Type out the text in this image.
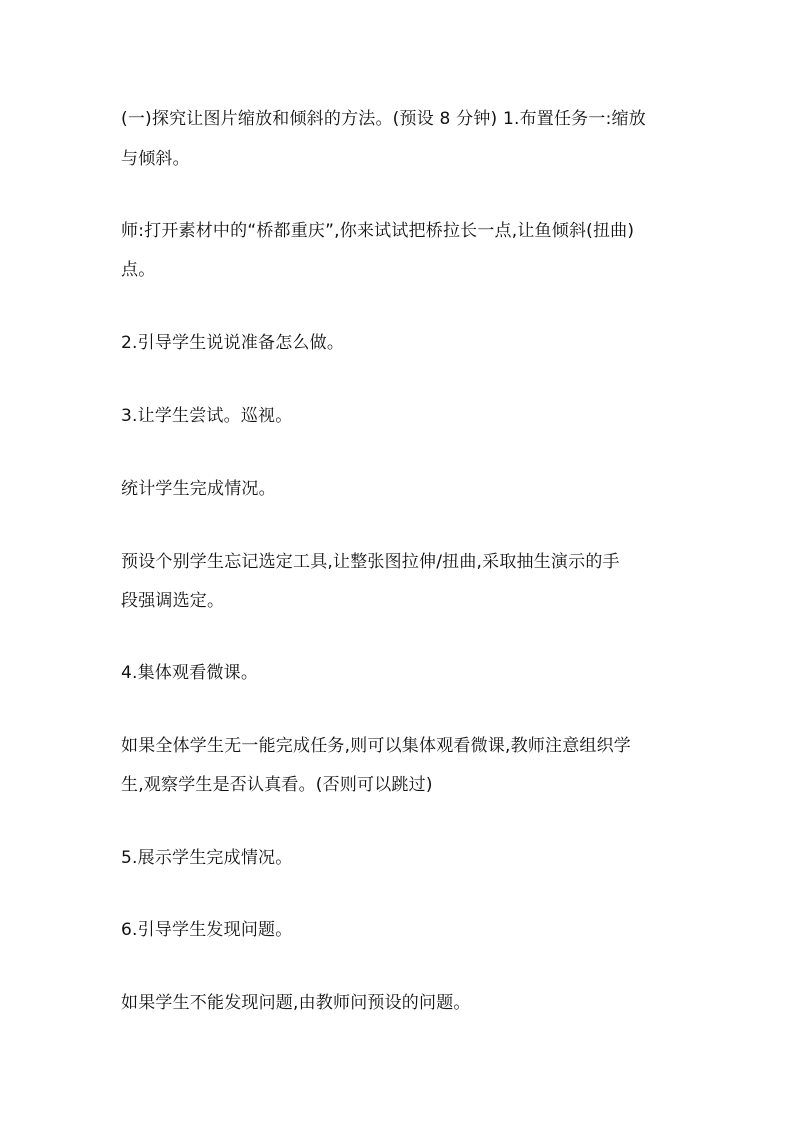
(一)探究让图片缩放和倾斜的方法。(预设 8 分钟) 1.布置任务一:缩放
与倾斜。
师:打开素材中的“桥都重庆”,你来试试把桥拉长一点,让鱼倾斜(扭曲)
点。
2.引导学生说说准备怎么做。
3.让学生尝试。巡视。
统计学生完成情况。
预设个别学生忘记选定工具,让整张图拉伸/扭曲,采取抽生演示的手
段强调选定。
4.集体观看微课。
如果全体学生无一能完成任务,则可以集体观看微课,教师注意组织学
生,观察学生是否认真看。(否则可以跳过)
5.展示学生完成情况。
6.引导学生发现问题。
如果学生不能发现问题,由教师问预设的问题。
